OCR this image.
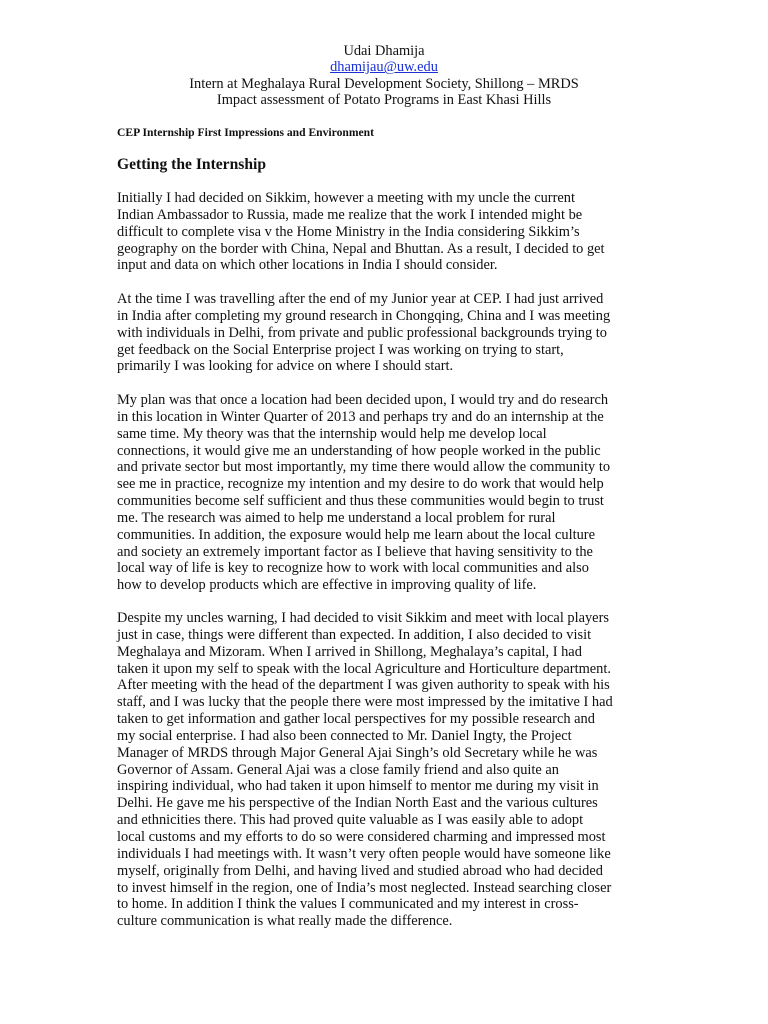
Udai Dhamija
dhamijau@uw.edu
Intern at Meghalaya Rural Development Society, Shillong – MRDS
Impact assessment of Potato Programs in East Khasi Hills
CEP Internship First Impressions and Environment
Getting the Internship

Initially I had decided on Sikkim, however a meeting with my uncle the current
Indian Ambassador to Russia, made me realize that the work I intended might be
difficult to complete visa v the Home Ministry in the India considering Sikkim’s
geography on the border with China, Nepal and Bhuttan. As a result, I decided to get
input and data on which other locations in India I should consider.

At the time I was travelling after the end of my Junior year at CEP. I had just arrived
in India after completing my ground research in Chongqing, China and I was meeting
with individuals in Delhi, from private and public professional backgrounds trying to
get feedback on the Social Enterprise project I was working on trying to start,
primarily I was looking for advice on where I should start.

My plan was that once a location had been decided upon, I would try and do research
in this location in Winter Quarter of 2013 and perhaps try and do an internship at the
same time. My theory was that the internship would help me develop local
connections, it would give me an understanding of how people worked in the public
and private sector but most importantly, my time there would allow the community to
see me in practice, recognize my intention and my desire to do work that would help
communities become self sufficient and thus these communities would begin to trust
me. The research was aimed to help me understand a local problem for rural
communities. In addition, the exposure would help me learn about the local culture
and society an extremely important factor as I believe that having sensitivity to the
local way of life is key to recognize how to work with local communities and also
how to develop products which are effective in improving quality of life.

Despite my uncles warning, I had decided to visit Sikkim and meet with local players
just in case, things were different than expected. In addition, I also decided to visit
Meghalaya and Mizoram. When I arrived in Shillong, Meghalaya’s capital, I had
taken it upon my self to speak with the local Agriculture and Horticulture department.
After meeting with the head of the department I was given authority to speak with his
staff, and I was lucky that the people there were most impressed by the imitative I had
taken to get information and gather local perspectives for my possible research and
my social enterprise. I had also been connected to Mr. Daniel Ingty, the Project
Manager of MRDS through Major General Ajai Singh’s old Secretary while he was
Governor of Assam. General Ajai was a close family friend and also quite an
inspiring individual, who had taken it upon himself to mentor me during my visit in
Delhi. He gave me his perspective of the Indian North East and the various cultures
and ethnicities there. This had proved quite valuable as I was easily able to adopt
local customs and my efforts to do so were considered charming and impressed most
individuals I had meetings with. It wasn’t very often people would have someone like
myself, originally from Delhi, and having lived and studied abroad who had decided
to invest himself in the region, one of India’s most neglected. Instead searching closer
to home. In addition I think the values I communicated and my interest in cross-
culture communication is what really made the difference.
